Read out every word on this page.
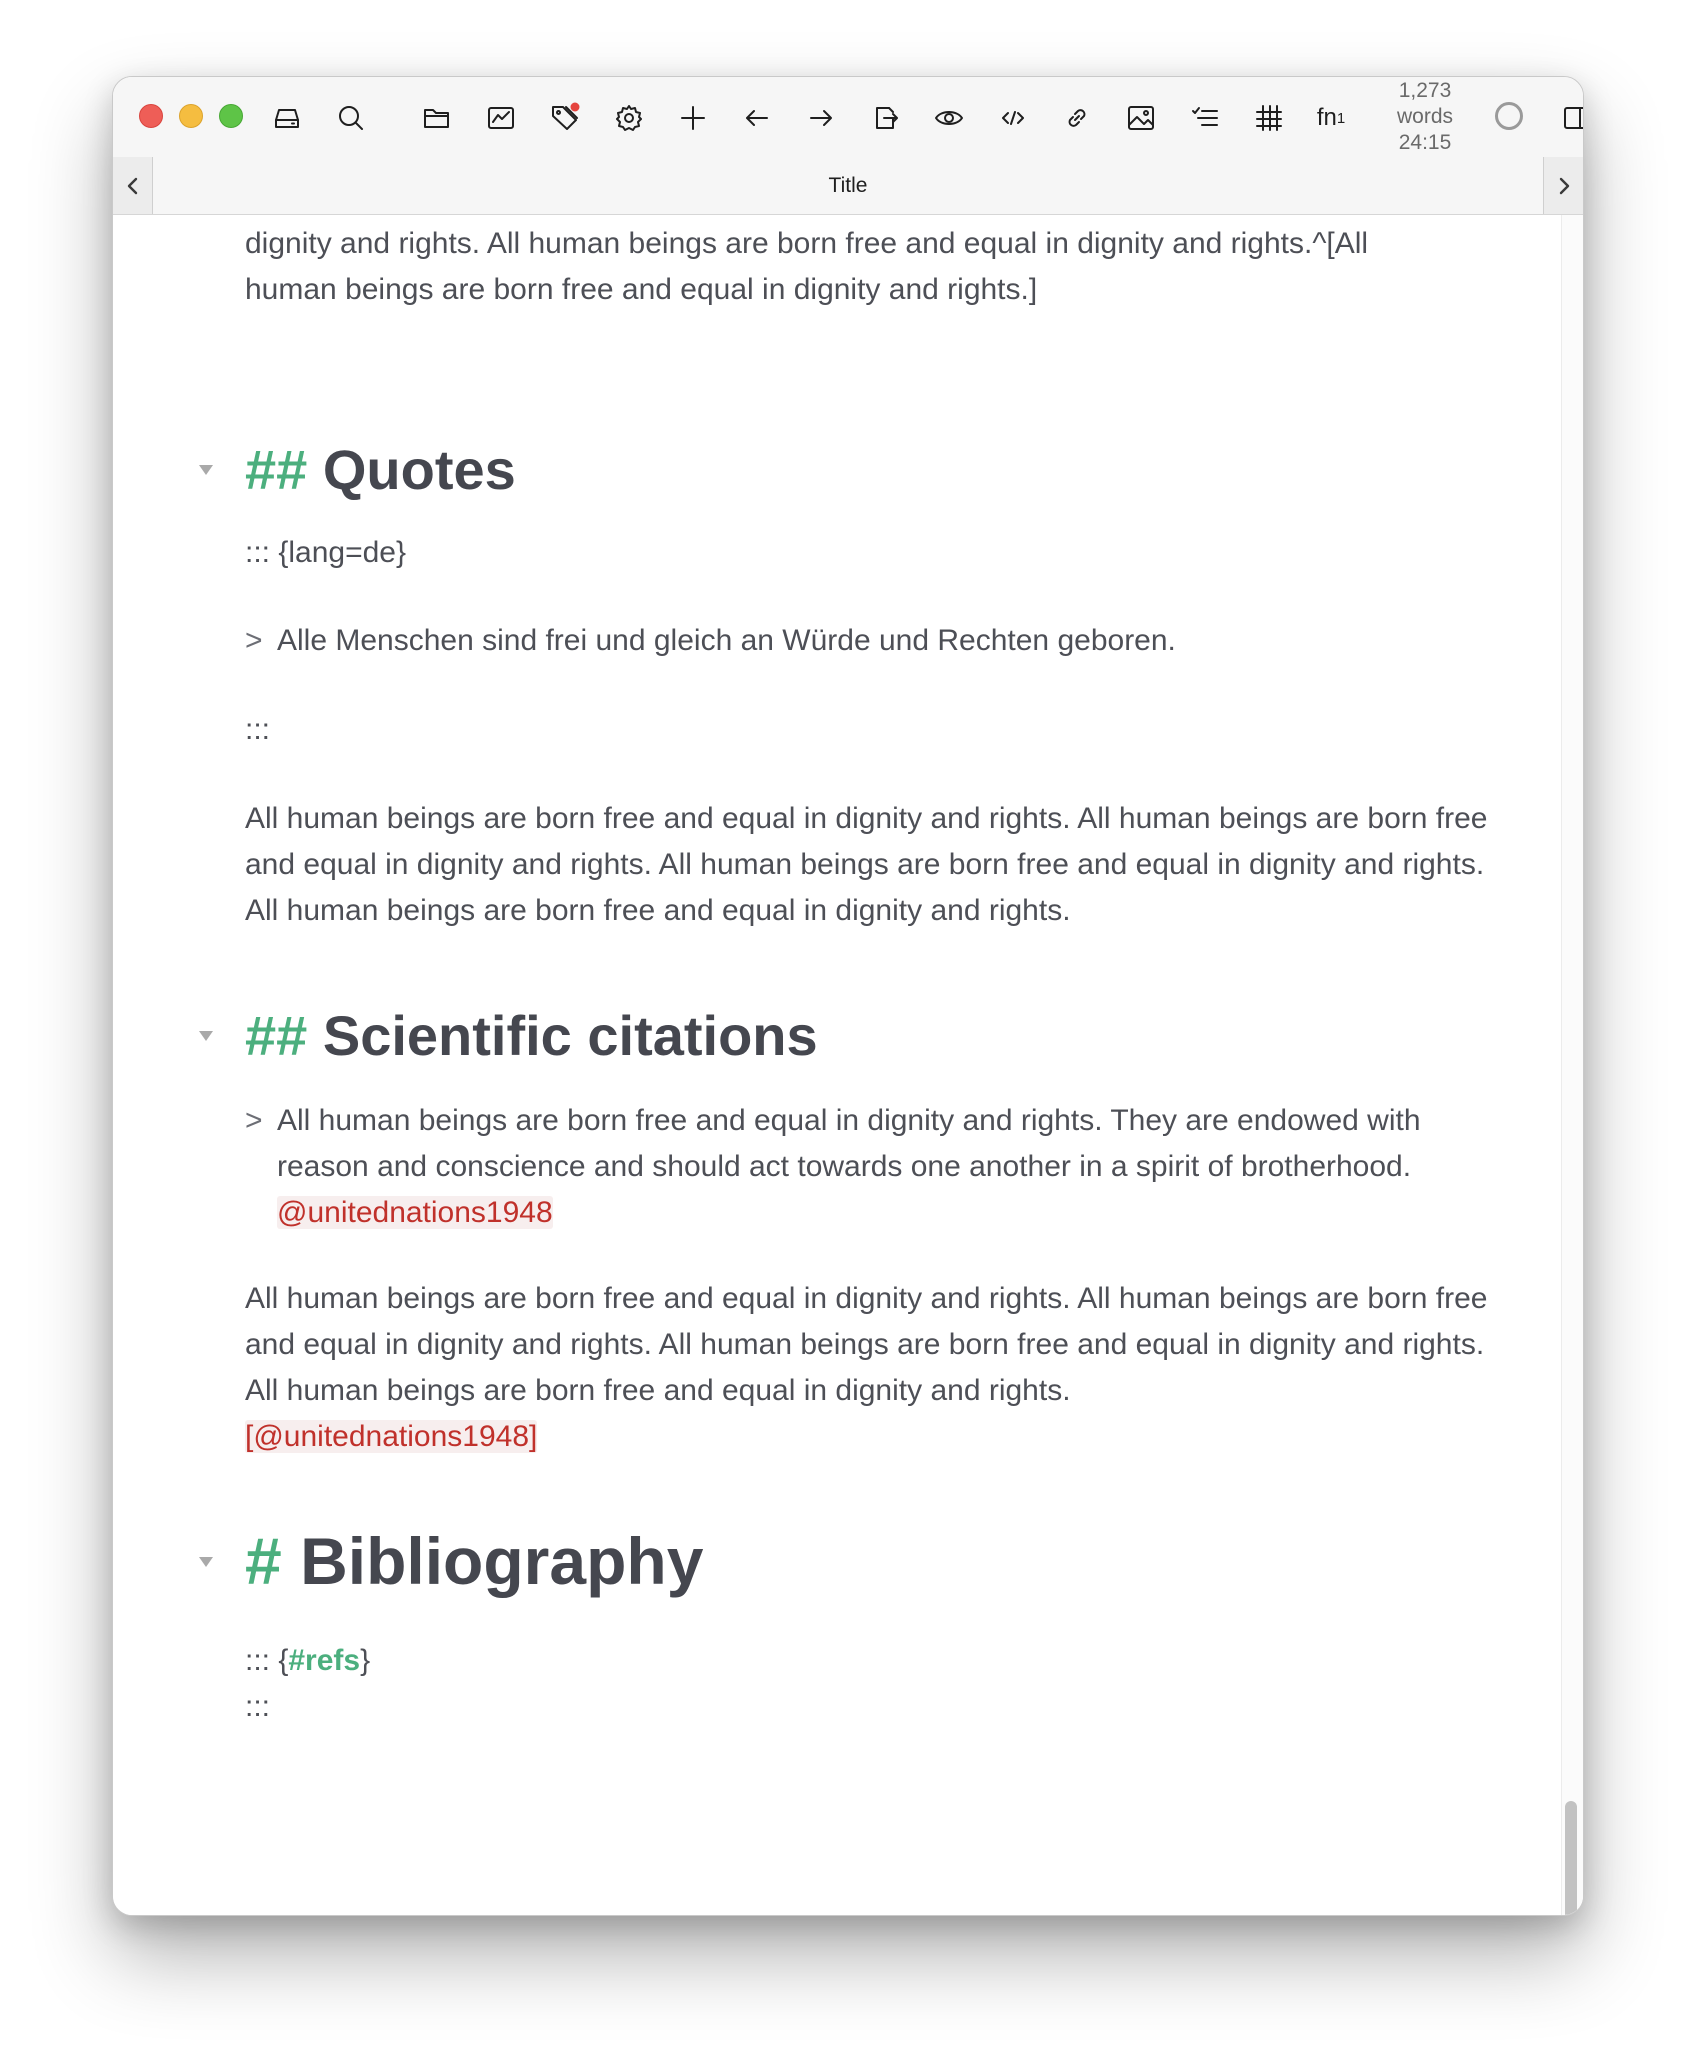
fn 1
1,273
words
24:15
Title
dignity and rights. All human beings are born free and equal in dignity and rights.^[All
human beings are born free and equal in dignity and rights.]
## Quotes
::: {lang=de}
> Alle Menschen sind frei und gleich an Würde und Rechten geboren.
:::
All human beings are born free and equal in dignity and rights. All human beings are born free and equal in dignity and rights. All human beings are born free and equal in dignity and rights. All human beings are born free and equal in dignity and rights.
## Scientific citations
> All human beings are born free and equal in dignity and rights. They are endowed with reason and conscience and should act towards one another in a spirit of brotherhood. @unitednations1948
All human beings are born free and equal in dignity and rights. All human beings are born free and equal in dignity and rights. All human beings are born free and equal in dignity and rights. All human beings are born free and equal in dignity and rights.
[@unitednations1948]
# Bibliography
::: {#refs}
:::
